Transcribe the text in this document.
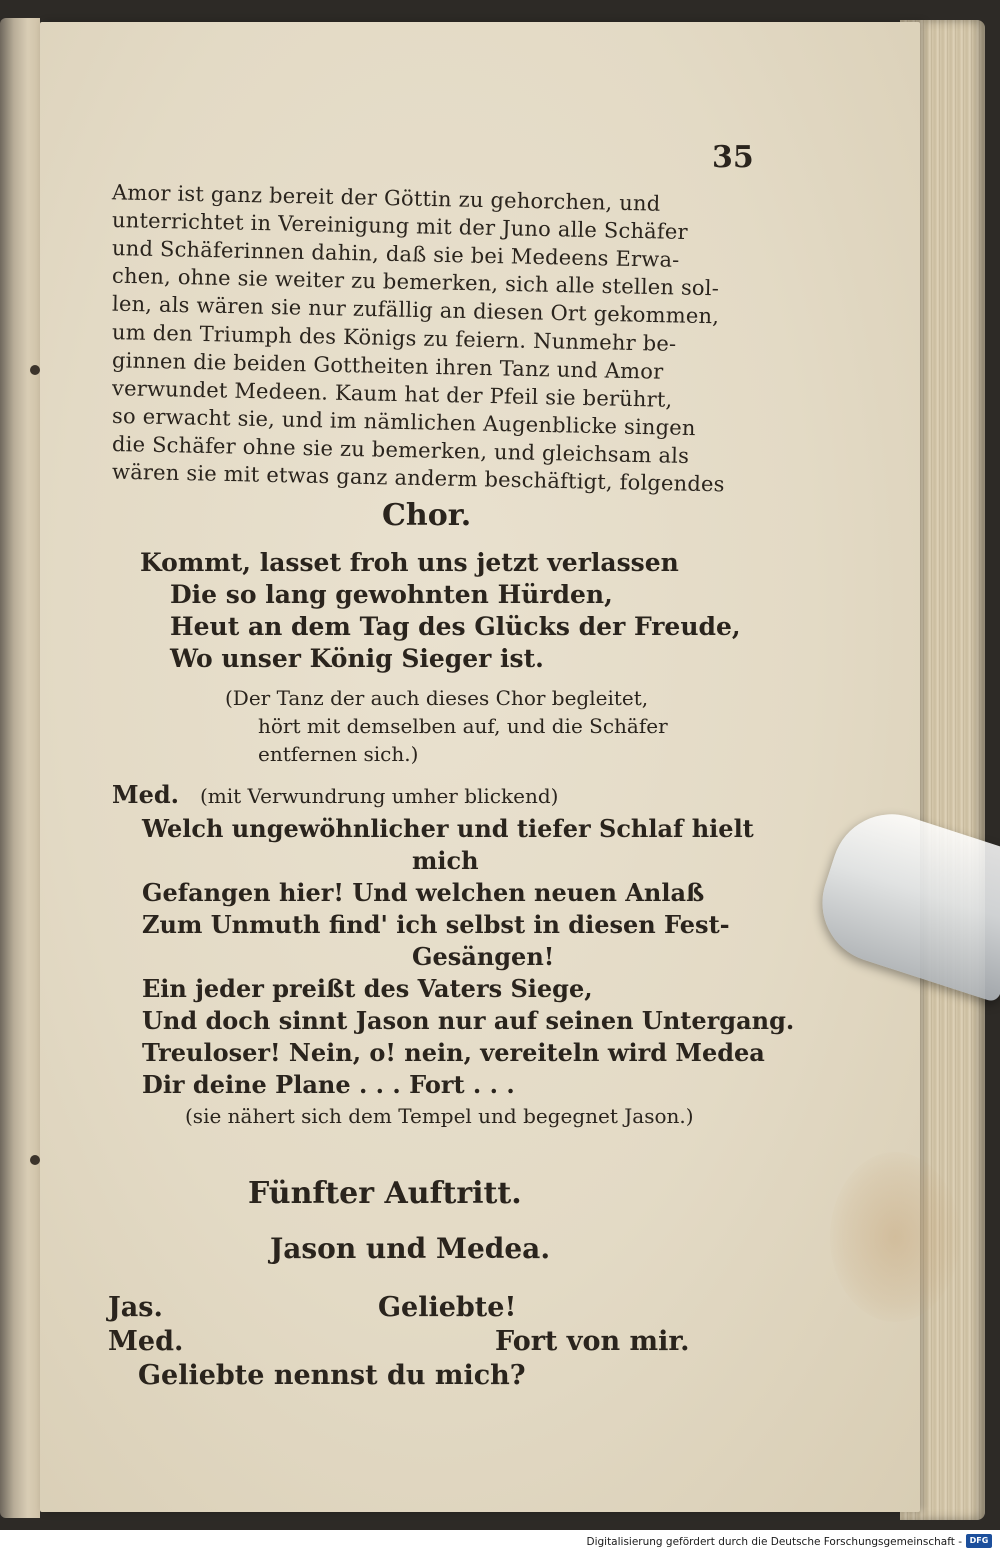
35
Amor ist ganz bereit der Göttin zu gehorchen, und
unterrichtet in Vereinigung mit der Juno alle Schäfer
und Schäferinnen dahin, daß sie bei Medeens Erwa-
chen, ohne sie weiter zu bemerken, sich alle stellen sol-
len, als wären sie nur zufällig an diesen Ort gekommen,
um den Triumph des Königs zu feiern. Nunmehr be-
ginnen die beiden Gottheiten ihren Tanz und Amor
verwundet Medeen. Kaum hat der Pfeil sie berührt,
so erwacht sie, und im nämlichen Augenblicke singen
die Schäfer ohne sie zu bemerken, und gleichsam als
wären sie mit etwas ganz anderm beschäftigt, folgendes
Chor.
Kommt, lasset froh uns jetzt verlassen
Die so lang gewohnten Hürden,
Heut an dem Tag des Glücks der Freude,
Wo unser König Sieger ist.
(Der Tanz der auch dieses Chor begleitet,
hört mit demselben auf, und die Schäfer
entfernen sich.)
Med. (mit Verwundrung umher blickend)
Welch ungewöhnlicher und tiefer Schlaf hielt
mich
Gefangen hier! Und welchen neuen Anlaß
Zum Unmuth find' ich selbst in diesen Fest-
Gesängen!
Ein jeder preißt des Vaters Siege,
Und doch sinnt Jason nur auf seinen Untergang.
Treuloser! Nein, o! nein, vereiteln wird Medea
Dir deine Plane . . . Fort . . .
(sie nähert sich dem Tempel und begegnet Jason.)
Fünfter Auftritt.
Jason und Medea.
Jas.	Geliebte!
Med.	Fort von mir.
Geliebte nennst du mich?
Digitalisierung gefördert durch die Deutsche Forschungsgemeinschaft - DFG
